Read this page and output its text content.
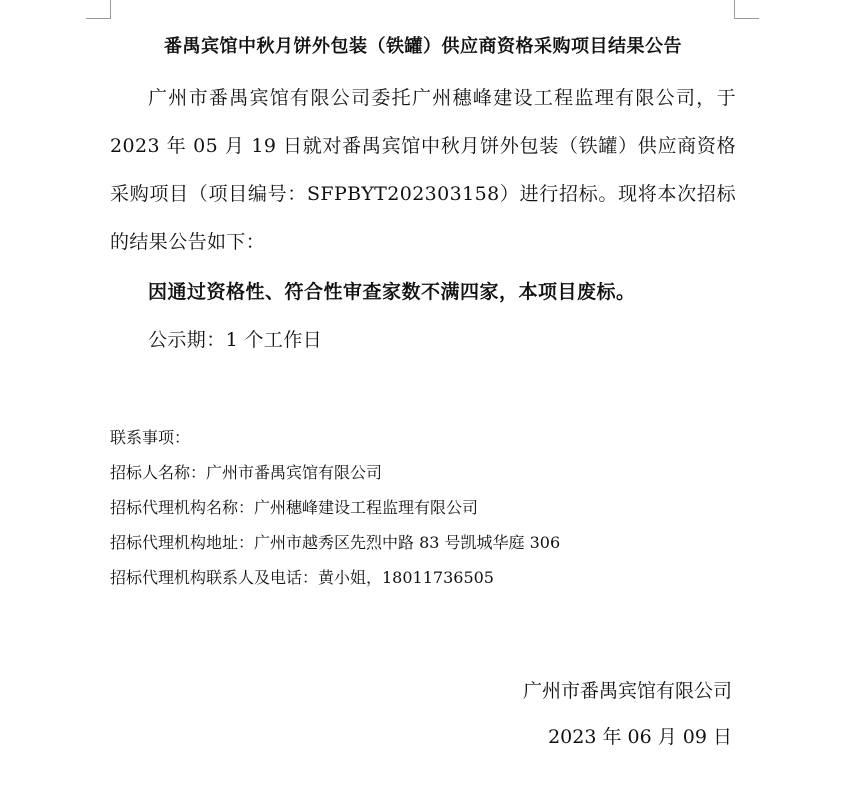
番禺宾馆中秋月饼外包装（铁罐）供应商资格采购项目结果公告

广州市番禺宾馆有限公司委托广州穗峰建设工程监理有限公司，于 2023 年 05 月 19 日就对番禺宾馆中秋月饼外包装（铁罐）供应商资格采购项目（项目编号：SFPBYT202303158）进行招标。现将本次招标的结果公告如下：

因通过资格性、符合性审查家数不满四家，本项目废标。

公示期：1 个工作日

联系事项：
招标人名称：广州市番禺宾馆有限公司
招标代理机构名称：广州穗峰建设工程监理有限公司
招标代理机构地址：广州市越秀区先烈中路 83 号凯城华庭 306
招标代理机构联系人及电话：黄小姐，18011736505
广州市番禺宾馆有限公司
2023 年 06 月 09 日
